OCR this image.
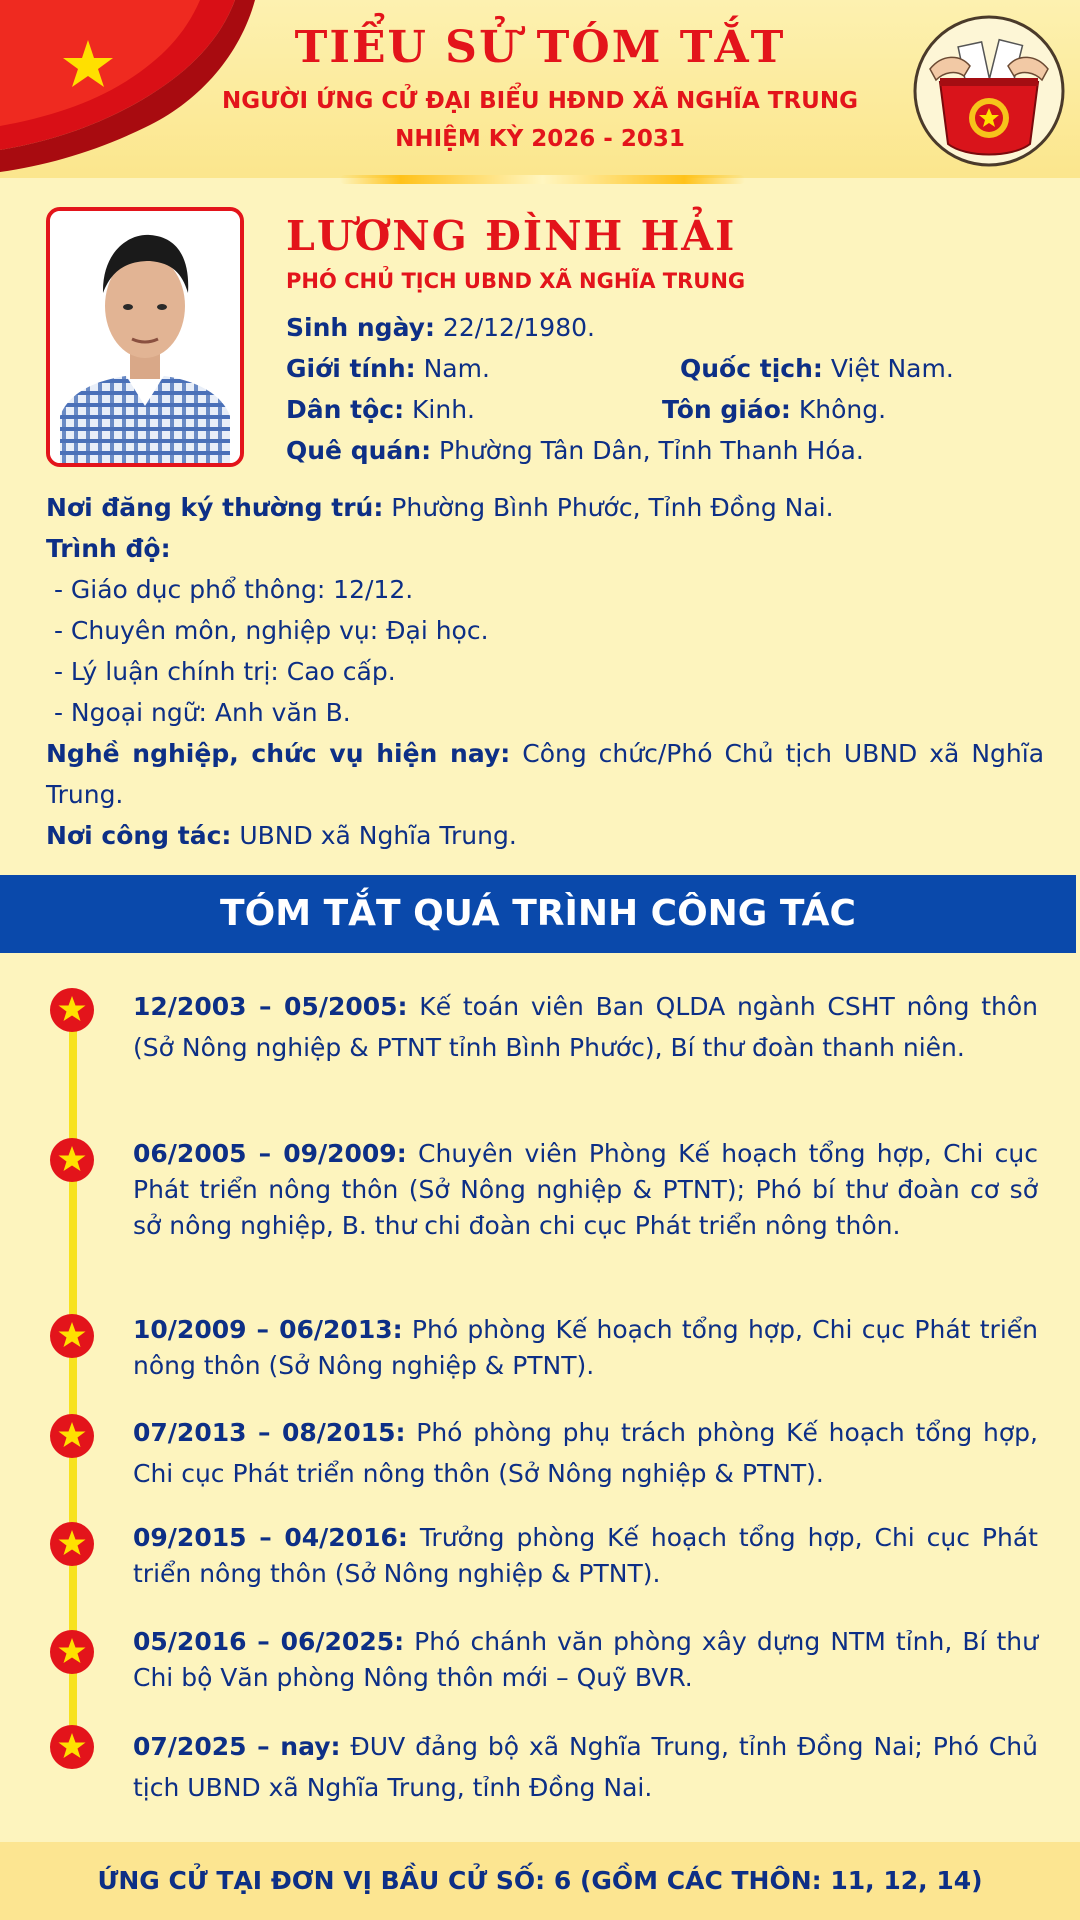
TIỂU SỬ TÓM TẮT
NGƯỜI ỨNG CỬ ĐẠI BIỂU HĐND XÃ NGHĨA TRUNG
NHIỆM KỲ 2026 - 2031
LƯƠNG ĐÌNH HẢI
PHÓ CHỦ TỊCH UBND XÃ NGHĨA TRUNG
Sinh ngày: 22/12/1980.
Giới tính: Nam.	Quốc tịch: Việt Nam.
Dân tộc: Kinh.	Tôn giáo: Không.
Quê quán: Phường Tân Dân, Tỉnh Thanh Hóa.
Nơi đăng ký thường trú: Phường Bình Phước, Tỉnh Đồng Nai.
Trình độ:
- Giáo dục phổ thông: 12/12.
- Chuyên môn, nghiệp vụ: Đại học.
- Lý luận chính trị: Cao cấp.
- Ngoại ngữ: Anh văn B.
Nghề nghiệp, chức vụ hiện nay: Công chức/Phó Chủ tịch UBND xã Nghĩa Trung.
Nơi công tác: UBND xã Nghĩa Trung.
TÓM TẮT QUÁ TRÌNH CÔNG TÁC
12/2003 – 05/2005: Kế toán viên Ban QLDA ngành CSHT nông thôn (Sở Nông nghiệp & PTNT tỉnh Bình Phước), Bí thư đoàn thanh niên.
06/2005 – 09/2009: Chuyên viên Phòng Kế hoạch tổng hợp, Chi cục Phát triển nông thôn (Sở Nông nghiệp & PTNT); Phó bí thư đoàn cơ sở sở nông nghiệp, B. thư chi đoàn chi cục Phát triển nông thôn.
10/2009 – 06/2013: Phó phòng Kế hoạch tổng hợp, Chi cục Phát triển nông thôn (Sở Nông nghiệp & PTNT).
07/2013 – 08/2015: Phó phòng phụ trách phòng Kế hoạch tổng hợp, Chi cục Phát triển nông thôn (Sở Nông nghiệp & PTNT).
09/2015 – 04/2016: Trưởng phòng Kế hoạch tổng hợp, Chi cục Phát triển nông thôn (Sở Nông nghiệp & PTNT).
05/2016 – 06/2025: Phó chánh văn phòng xây dựng NTM tỉnh, Bí thư Chi bộ Văn phòng Nông thôn mới – Quỹ BVR.
07/2025 – nay: ĐUV đảng bộ xã Nghĩa Trung, tỉnh Đồng Nai; Phó Chủ tịch UBND xã Nghĩa Trung, tỉnh Đồng Nai.
ỨNG CỬ TẠI ĐƠN VỊ BẦU CỬ SỐ: 6 (GỒM CÁC THÔN: 11, 12, 14)
